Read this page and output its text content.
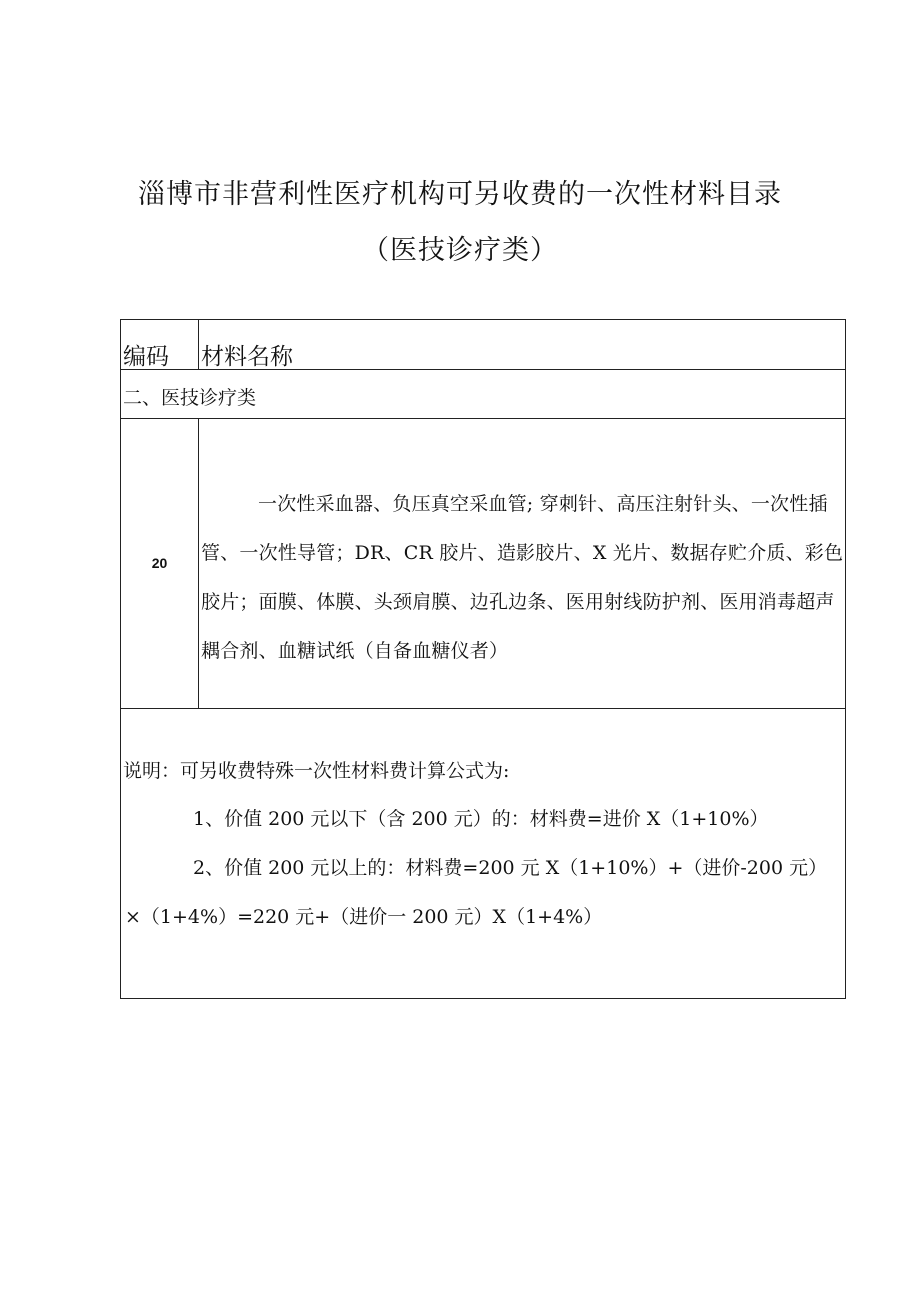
淄博市非营利性医疗机构可另收费的一次性材料目录
（医技诊疗类）
编码 材料名称
二、医技诊疗类
20
一次性采血器、负压真空采血管; 穿刺针、高压注射针头、一次性插管、一次性导管；DR、CR 胶片、造影胶片、X 光片、数据存贮介质、彩色胶片；面膜、体膜、头颈肩膜、边孔边条、医用射线防护剂、医用消毒超声耦合剂、血糖试纸（自备血糖仪者）
说明：可另收费特殊一次性材料费计算公式为:
1、价值 200 元以下（含 200 元）的：材料费=进价 X（1+10%）
2、价值 200 元以上的：材料费=200 元 X（1+10%）+（进价-200 元）
×（1+4%）=220 元+（进价一 200 元）X（1+4%）
